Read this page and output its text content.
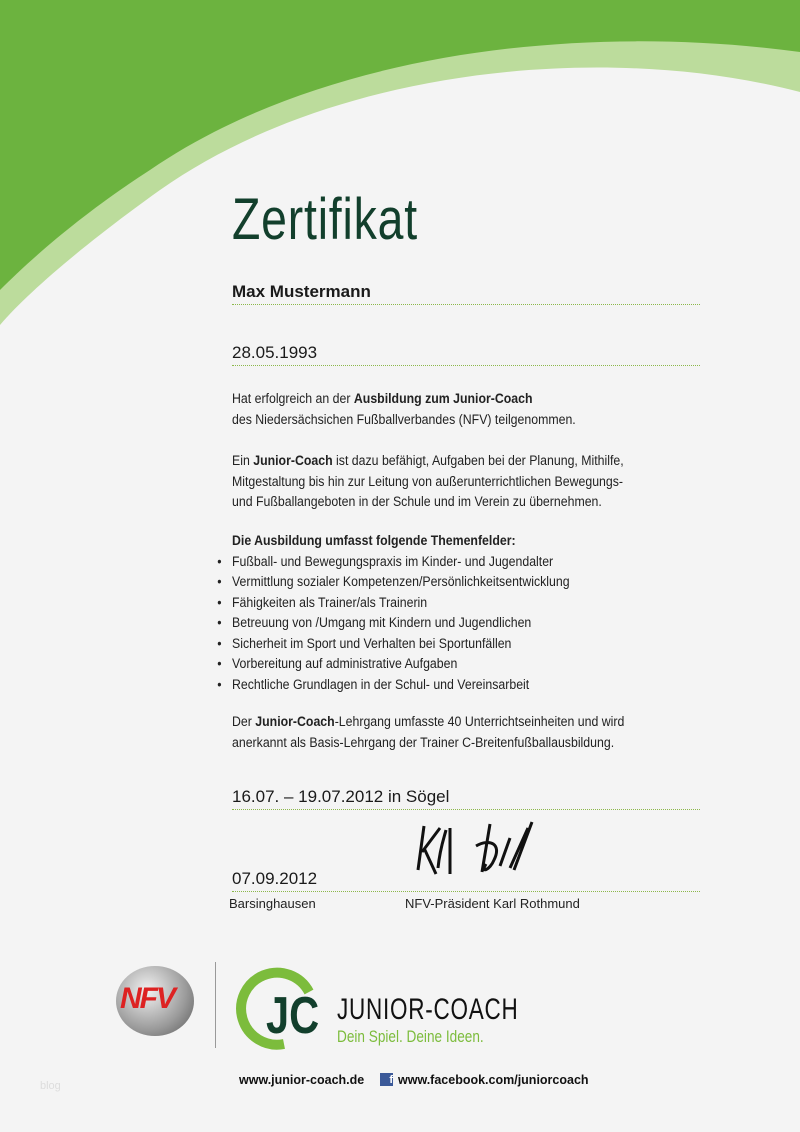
Zertifikat
Max Mustermann
28.05.1993
Hat erfolgreich an der Ausbildung zum Junior-Coach
des Niedersächsichen Fußballverbandes (NFV) teilgenommen.
Ein Junior-Coach ist dazu befähigt, Aufgaben bei der Planung, Mithilfe,
Mitgestaltung bis hin zur Leitung von außerunterrichtlichen Bewegungs-
und Fußballangeboten in der Schule und im Verein zu übernehmen.
Die Ausbildung umfasst folgende Themenfelder:
• Fußball- und Bewegungspraxis im Kinder- und Jugendalter
• Vermittlung sozialer Kompetenzen/Persönlichkeitsentwicklung
• Fähigkeiten als Trainer/als Trainerin
• Betreuung von /Umgang mit Kindern und Jugendlichen
• Sicherheit im Sport und Verhalten bei Sportunfällen
• Vorbereitung auf administrative Aufgaben
• Rechtliche Grundlagen in der Schul- und Vereinsarbeit
Der Junior-Coach-Lehrgang umfasste 40 Unterrichtseinheiten und wird
anerkannt als Basis-Lehrgang der Trainer C-Breitenfußballausbildung.
16.07. – 19.07.2012 in Sögel
07.09.2012
Barsinghausen	NFV-Präsident Karl Rothmund
NFV JC JUNIOR-COACH
Dein Spiel. Deine Ideen.
www.junior-coach.de	f www.facebook.com/juniorcoach
blog
